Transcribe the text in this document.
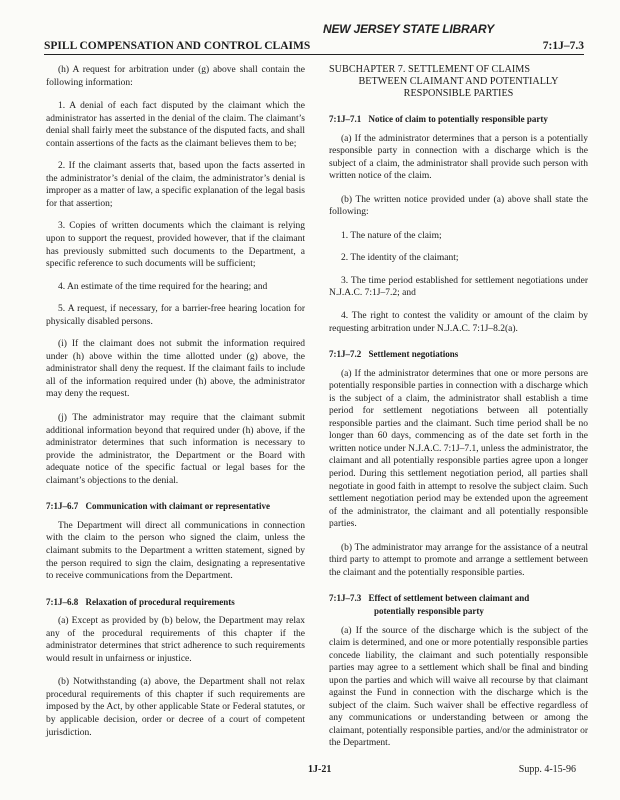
NEW JERSEY STATE LIBRARY
SPILL COMPENSATION AND CONTROL CLAIMS	7:1J–7.3

(h) A request for arbitration under (g) above shall contain the following information:

1. A denial of each fact disputed by the claimant which the administrator has asserted in the denial of the claim. The claimant’s denial shall fairly meet the substance of the disputed facts, and shall contain assertions of the facts as the claimant believes them to be;

2. If the claimant asserts that, based upon the facts asserted in the administrator’s denial of the claim, the administrator’s denial is improper as a matter of law, a specific explanation of the legal basis for that assertion;

3. Copies of written documents which the claimant is relying upon to support the request, provided however, that if the claimant has previously submitted such documents to the Department, a specific reference to such documents will be sufficient;

4. An estimate of the time required for the hearing; and

5. A request, if necessary, for a barrier-free hearing location for physically disabled persons.

(i) If the claimant does not submit the information required under (h) above within the time allotted under (g) above, the administrator shall deny the request. If the claimant fails to include all of the information required under (h) above, the administrator may deny the request.

(j) The administrator may require that the claimant submit additional information beyond that required under (h) above, if the administrator determines that such information is necessary to provide the administrator, the Department or the Board with adequate notice of the specific factual or legal bases for the claimant’s objections to the denial.

7:1J–6.7 Communication with claimant or representative

The Department will direct all communications in connection with the claim to the person who signed the claim, unless the claimant submits to the Department a written statement, signed by the person required to sign the claim, designating a representative to receive communications from the Department.

7:1J–6.8 Relaxation of procedural requirements

(a) Except as provided by (b) below, the Department may relax any of the procedural requirements of this chapter if the administrator determines that strict adherence to such requirements would result in unfairness or injustice.

(b) Notwithstanding (a) above, the Department shall not relax procedural requirements of this chapter if such requirements are imposed by the Act, by other applicable State or Federal statutes, or by applicable decision, order or decree of a court of competent jurisdiction.

SUBCHAPTER 7. SETTLEMENT OF CLAIMS
BETWEEN CLAIMANT AND POTENTIALLY
RESPONSIBLE PARTIES
7:1J–7.1 Notice of claim to potentially responsible party

(a) If the administrator determines that a person is a potentially responsible party in connection with a discharge which is the subject of a claim, the administrator shall provide such person with written notice of the claim.

(b) The written notice provided under (a) above shall state the following:

1. The nature of the claim;

2. The identity of the claimant;

3. The time period established for settlement negotiations under N.J.A.C. 7:1J–7.2; and

4. The right to contest the validity or amount of the claim by requesting arbitration under N.J.A.C. 7:1J–8.2(a).

7:1J–7.2 Settlement negotiations

(a) If the administrator determines that one or more persons are potentially responsible parties in connection with a discharge which is the subject of a claim, the administrator shall establish a time period for settlement negotiations between all potentially responsible parties and the claimant. Such time period shall be no longer than 60 days, commencing as of the date set forth in the written notice under N.J.A.C. 7:1J–7.1, unless the administrator, the claimant and all potentially responsible parties agree upon a longer period. During this settlement negotiation period, all parties shall negotiate in good faith in attempt to resolve the subject claim. Such settlement negotiation period may be extended upon the agreement of the administrator, the claimant and all potentially responsible parties.

(b) The administrator may arrange for the assistance of a neutral third party to attempt to promote and arrange a settlement between the claimant and the potentially responsible parties.

7:1J–7.3 Effect of settlement between claimant and
potentially responsible party

(a) If the source of the discharge which is the subject of the claim is determined, and one or more potentially responsible parties concede liability, the claimant and such potentially responsible parties may agree to a settlement which shall be final and binding upon the parties and which will waive all recourse by that claimant against the Fund in connection with the discharge which is the subject of the claim. Such waiver shall be effective regardless of any communications or understanding between or among the claimant, potentially responsible parties, and/or the administrator or the Department.

1J-21	Supp. 4-15-96
